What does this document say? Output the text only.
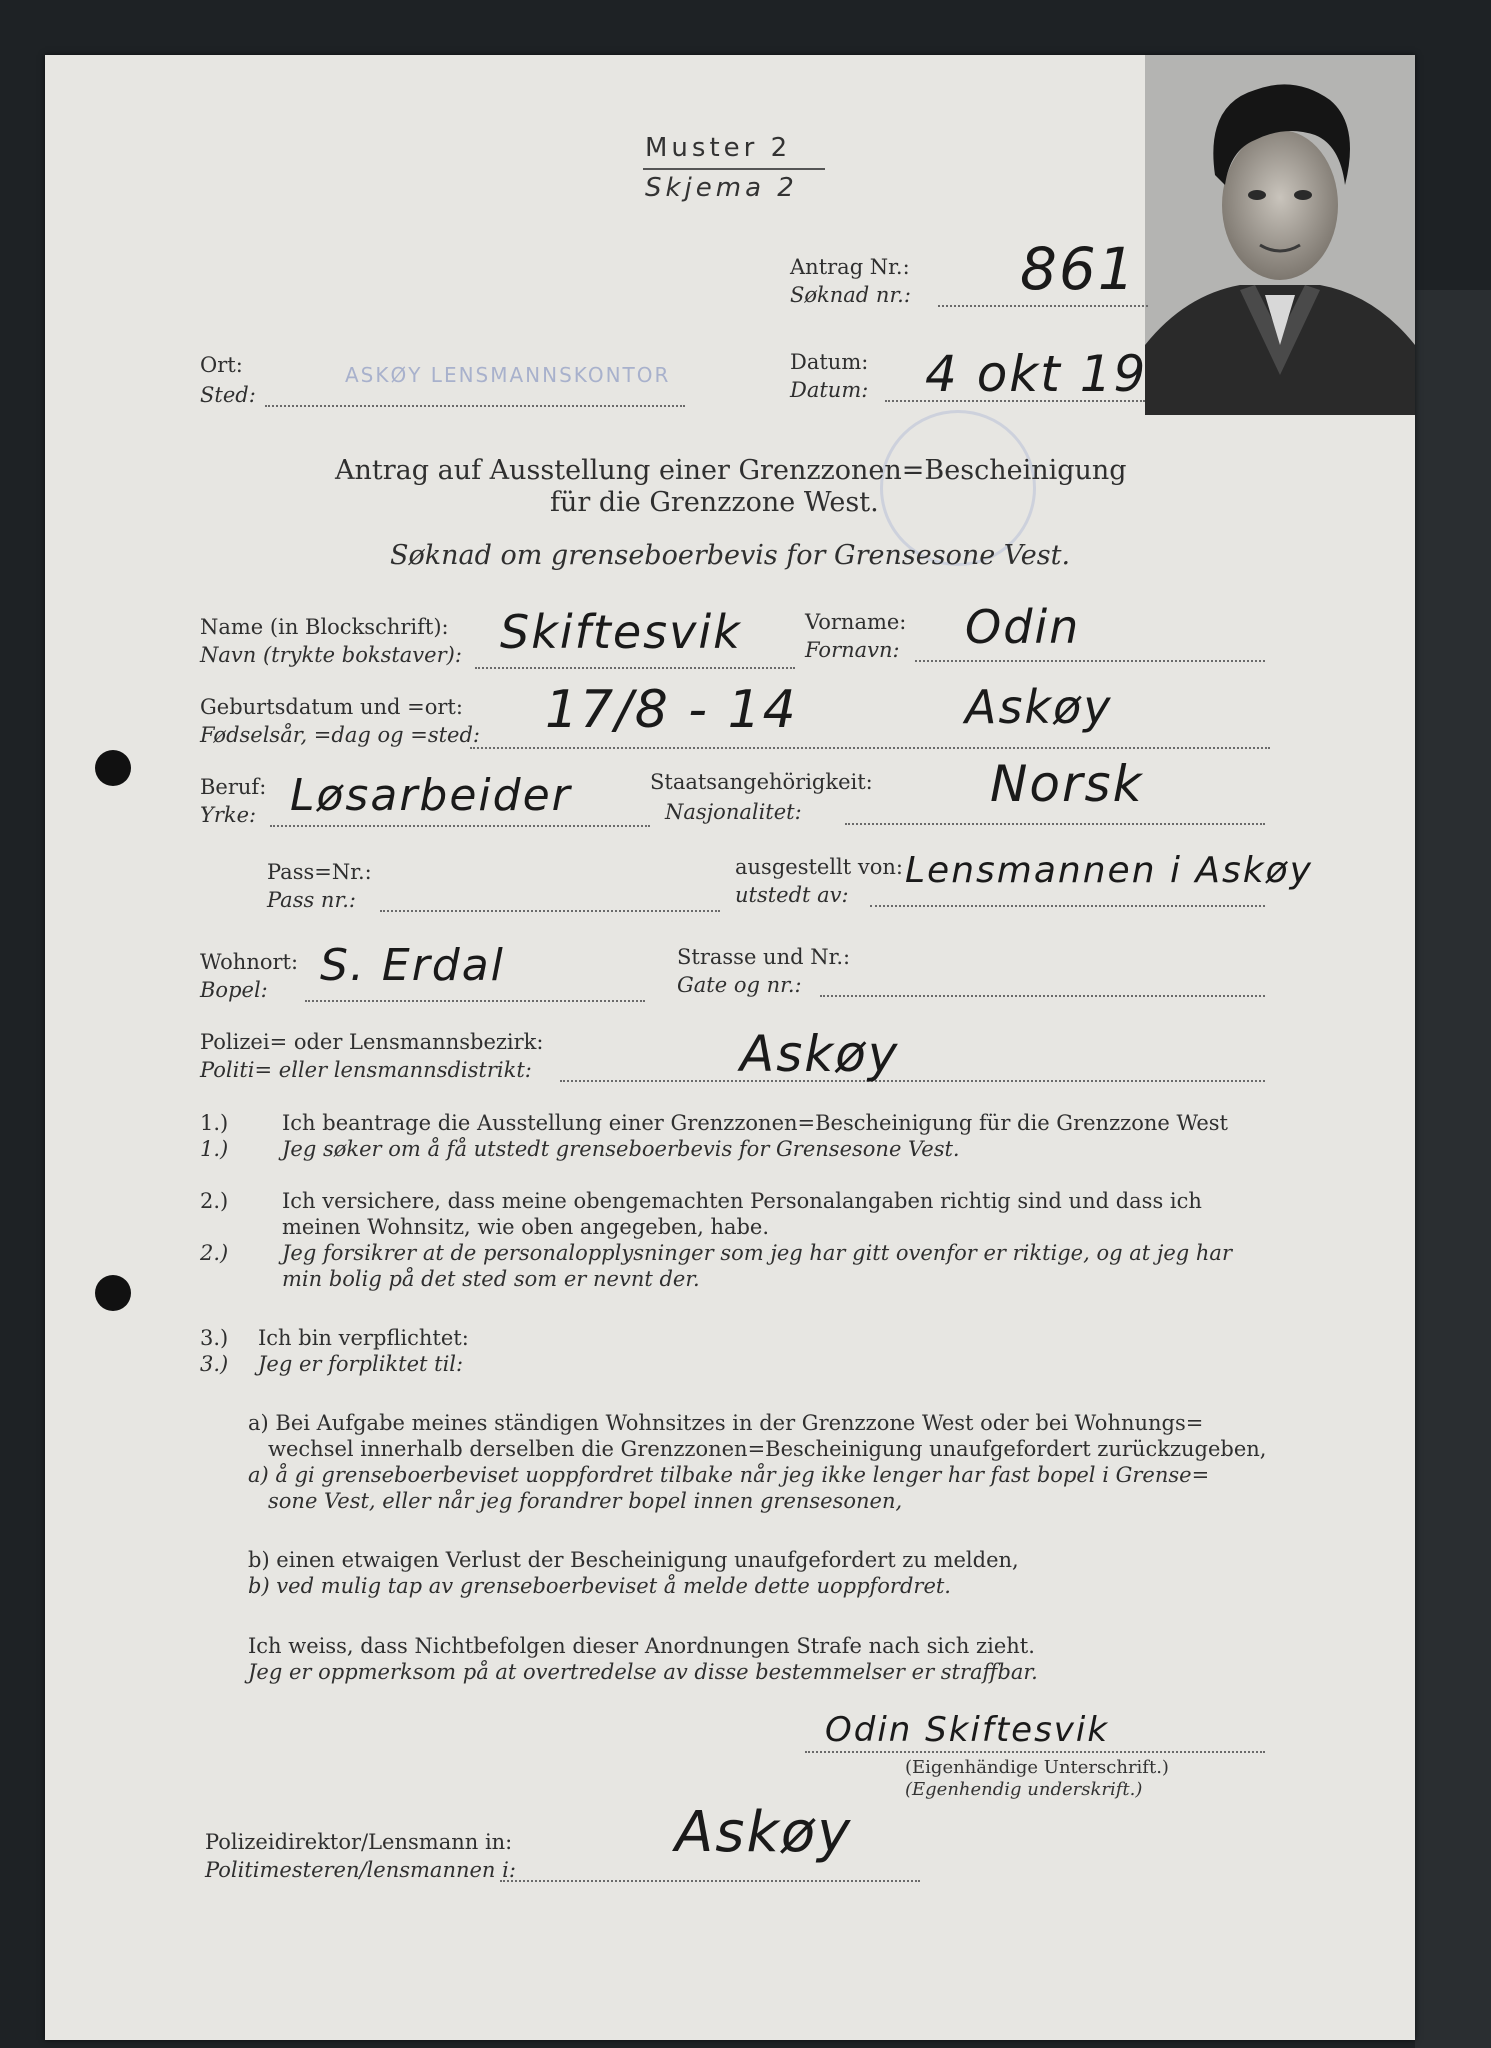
Muster 2
Skjema 2
Antrag Nr.:
Søknad nr.: 861
Ort:
Sted:
ASKØY LENSMANNSKONTOR
Datum:
Datum: 4 okt 19
Antrag auf Ausstellung einer Grenzzonen=Bescheinigung
für die Grenzzone West.
Søknad om grenseboerbevis for Grensesone Vest.
Name (in Blockschrift):
Navn (trykte bokstaver): Skiftesvik	Vorname:
Fornavn: Odin
Geburtsdatum und =ort:
Fødselsår, =dag og =sted: 17/8 - 14	Askøy
Beruf:
Yrke: Løsarbeider	Staatsangehörigkeit:
Nasjonalitet:	Norsk
Pass=Nr.:
Pass nr.:
ausgestellt von:
utstedt av:
Lensmannen i Askøy
Wohnort:
Bopel: S. Erdal	Strasse und Nr.:
Gate og nr.:
Polizei= oder Lensmannsbezirk:
Politi= eller lensmannsdistrikt:	Askøy
1.)
1.)
Ich beantrage die Ausstellung einer Grenzzonen=Bescheinigung für die Grenzzone West
Jeg søker om å få utstedt grenseboerbevis for Grensesone Vest.
2.)	Ich versichere, dass meine obengemachten Personalangaben richtig sind und dass ich
meinen Wohnsitz, wie oben angegeben, habe.
2.)	Jeg forsikrer at de personalopplysninger som jeg har gitt ovenfor er riktige, og at jeg har
min bolig på det sted som er nevnt der.
3.)
3.)
Ich bin verpflichtet:
Jeg er forpliktet til:
a) Bei Aufgabe meines ständigen Wohnsitzes in der Grenzzone West oder bei Wohnungs=
wechsel innerhalb derselben die Grenzzonen=Bescheinigung unaufgefordert zurückzugeben,
a) å gi grenseboerbeviset uoppfordret tilbake når jeg ikke lenger har fast bopel i Grense=
sone Vest, eller når jeg forandrer bopel innen grensesonen,
b) einen etwaigen Verlust der Bescheinigung unaufgefordert zu melden,
b) ved mulig tap av grenseboerbeviset å melde dette uoppfordret.
Ich weiss, dass Nichtbefolgen dieser Anordnungen Strafe nach sich zieht.
Jeg er oppmerksom på at overtredelse av disse bestemmelser er straffbar.
Odin Skiftesvik
(Eigenhändige Unterschrift.)
(Egenhendig underskrift.)
Polizeidirektor/Lensmann in:
Politimesteren/lensmannen i:
Askøy
